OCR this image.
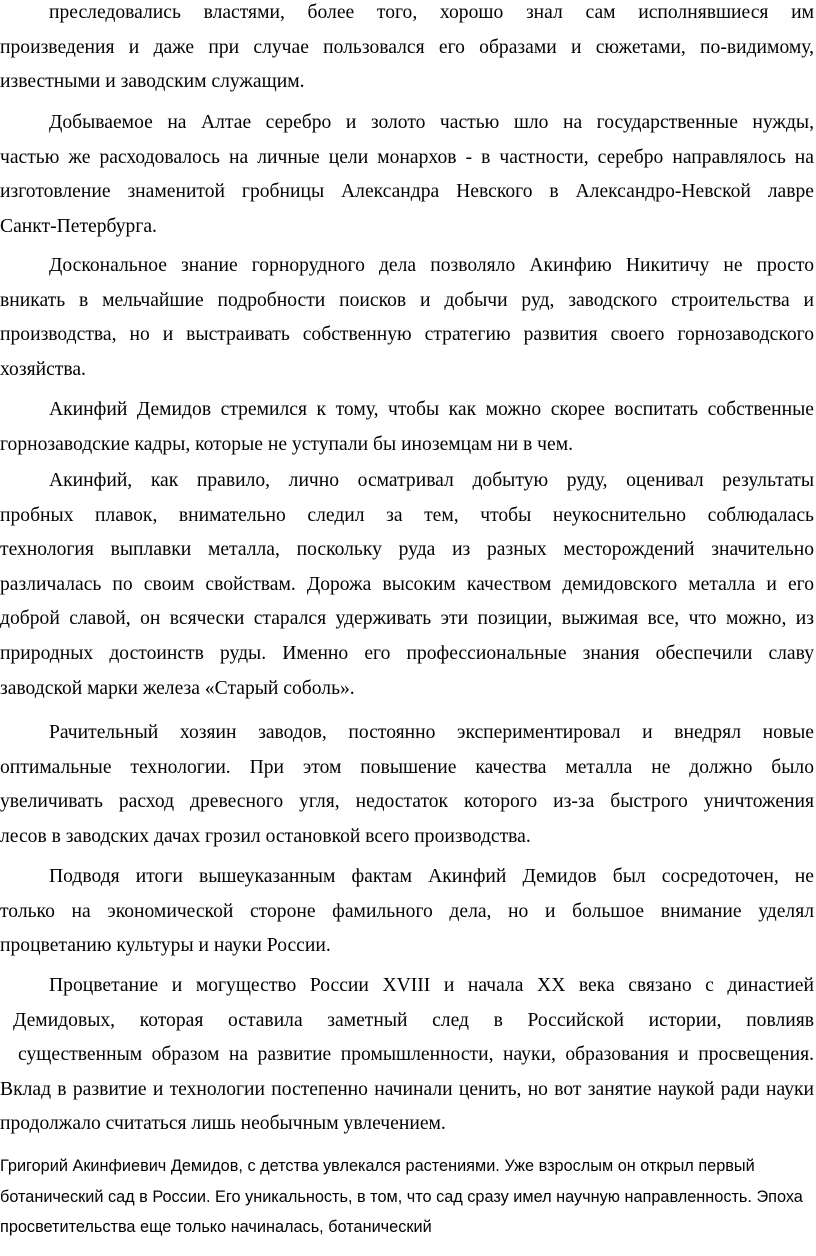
преследовались властями, более того, хорошо знал сам исполнявшиеся им
произведения и даже при случае пользовался его образами и сюжетами, по-видимому,
известными и заводским служащим.
Добываемое на Алтае серебро и золото частью шло на государственные нужды,
частью же расходовалось на личные цели монархов - в частности, серебро направлялось на
изготовление знаменитой гробницы Александра Невского в Александро-Невской лавре
Санкт-Петербурга.
Доскональное знание горнорудного дела позволяло Акинфию Никитичу не просто
вникать в мельчайшие подробности поисков и добычи руд, заводского строительства и
производства, но и выстраивать собственную стратегию развития своего горнозаводского
хозяйства.
Акинфий Демидов стремился к тому, чтобы как можно скорее воспитать собственные
горнозаводские кадры, которые не уступали бы иноземцам ни в чем.
Акинфий, как правило, лично осматривал добытую руду, оценивал результаты
пробных плавок, внимательно следил за тем, чтобы неукоснительно соблюдалась
технология выплавки металла, поскольку руда из разных месторождений значительно
различалась по своим свойствам. Дорожа высоким качеством демидовского металла и его
доброй славой, он всячески старался удерживать эти позиции, выжимая все, что можно, из
природных достоинств руды. Именно его профессиональные знания обеспечили славу
заводской марки железа «Старый соболь».
Рачительный хозяин заводов, постоянно экспериментировал и внедрял новые
оптимальные технологии. При этом повышение качества металла не должно было
увеличивать расход древесного угля, недостаток которого из-за быстрого уничтожения
лесов в заводских дачах грозил остановкой всего производства.
Подводя итоги вышеуказанным фактам Акинфий Демидов был сосредоточен, не
только на экономической стороне фамильного дела, но и большое внимание уделял
процветанию культуры и науки России.
Процветание и могущество России XVIII и начала XX века связано с династией
Демидовых, которая оставила заметный след в Российской истории, повлияв
существенным образом на развитие промышленности, науки, образования и просвещения.
Вклад в развитие и технологии постепенно начинали ценить, но вот занятие наукой ради науки
продолжало считаться лишь необычным увлечением.
Григорий Акинфиевич Демидов, с детства увлекался растениями. Уже взрослым он открыл первый
ботанический сад в России. Его уникальность, в том, что сад сразу имел научную направленность. Эпоха
просветительства еще только начиналась, ботанический
